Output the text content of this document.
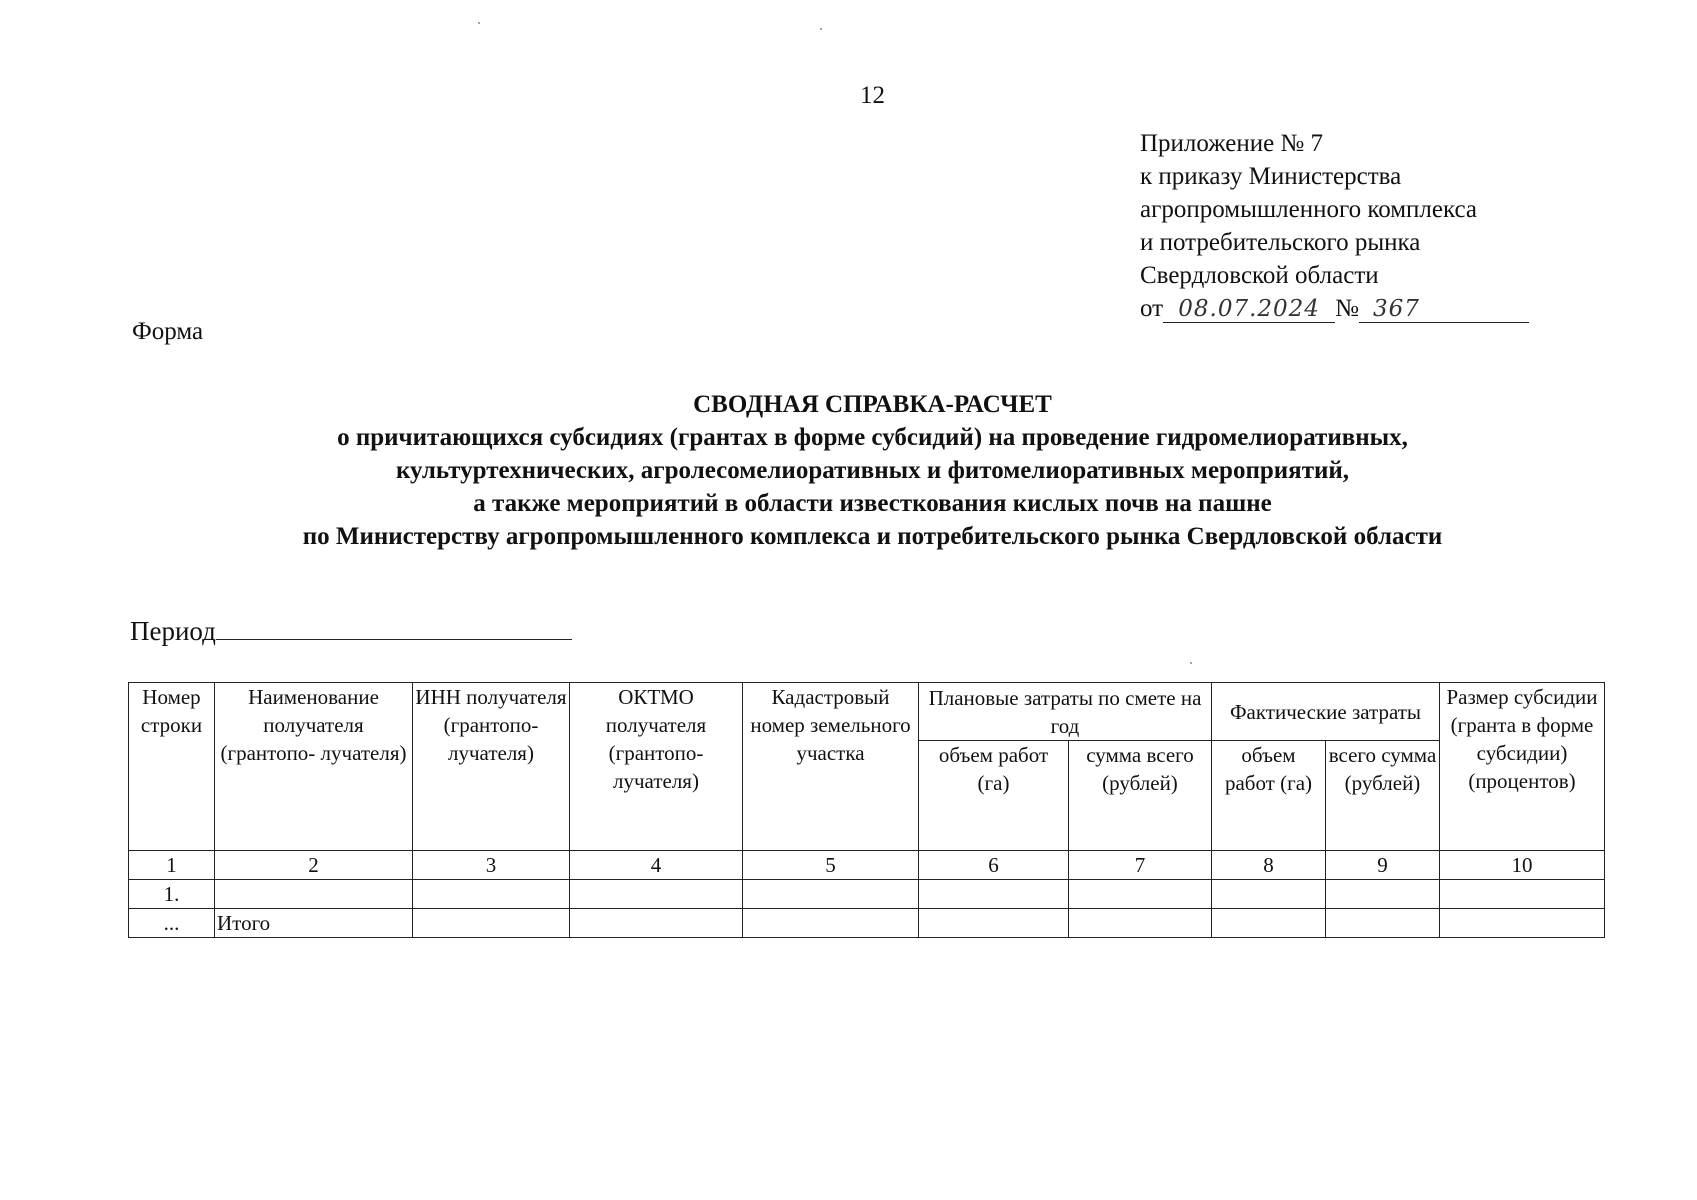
12
Приложение № 7
к приказу Министерства
агропромышленного комплекса
и потребительского рынка
Свердловской области
от 08.07.2024 № 367
Форма
СВОДНАЯ СПРАВКА-РАСЧЕТ
о причитающихся субсидиях (грантах в форме субсидий) на проведение гидромелиоративных,
культуртехнических, агролесомелиоративных и фитомелиоративных мероприятий,
а также мероприятий в области известкования кислых почв на пашне
по Министерству агропромышленного комплекса и потребительского рынка Свердловской области
Период
Номер строки	Наименование получателя (грантопо- лучателя)	ИНН получателя (грантопо- лучателя)	ОКТМО получателя (грантопо- лучателя)	Кадастровый номер земельного участка	Плановые затраты по смете на год		Фактические затраты		Размер субсидии (гранта в форме субсидии) (процентов)
					объем работ (га)	сумма всего (рублей)	объем работ (га)	всего сумма (рублей)	
1	2	3	4	5	6	7	8	9	10
1.									
...	Итого								
